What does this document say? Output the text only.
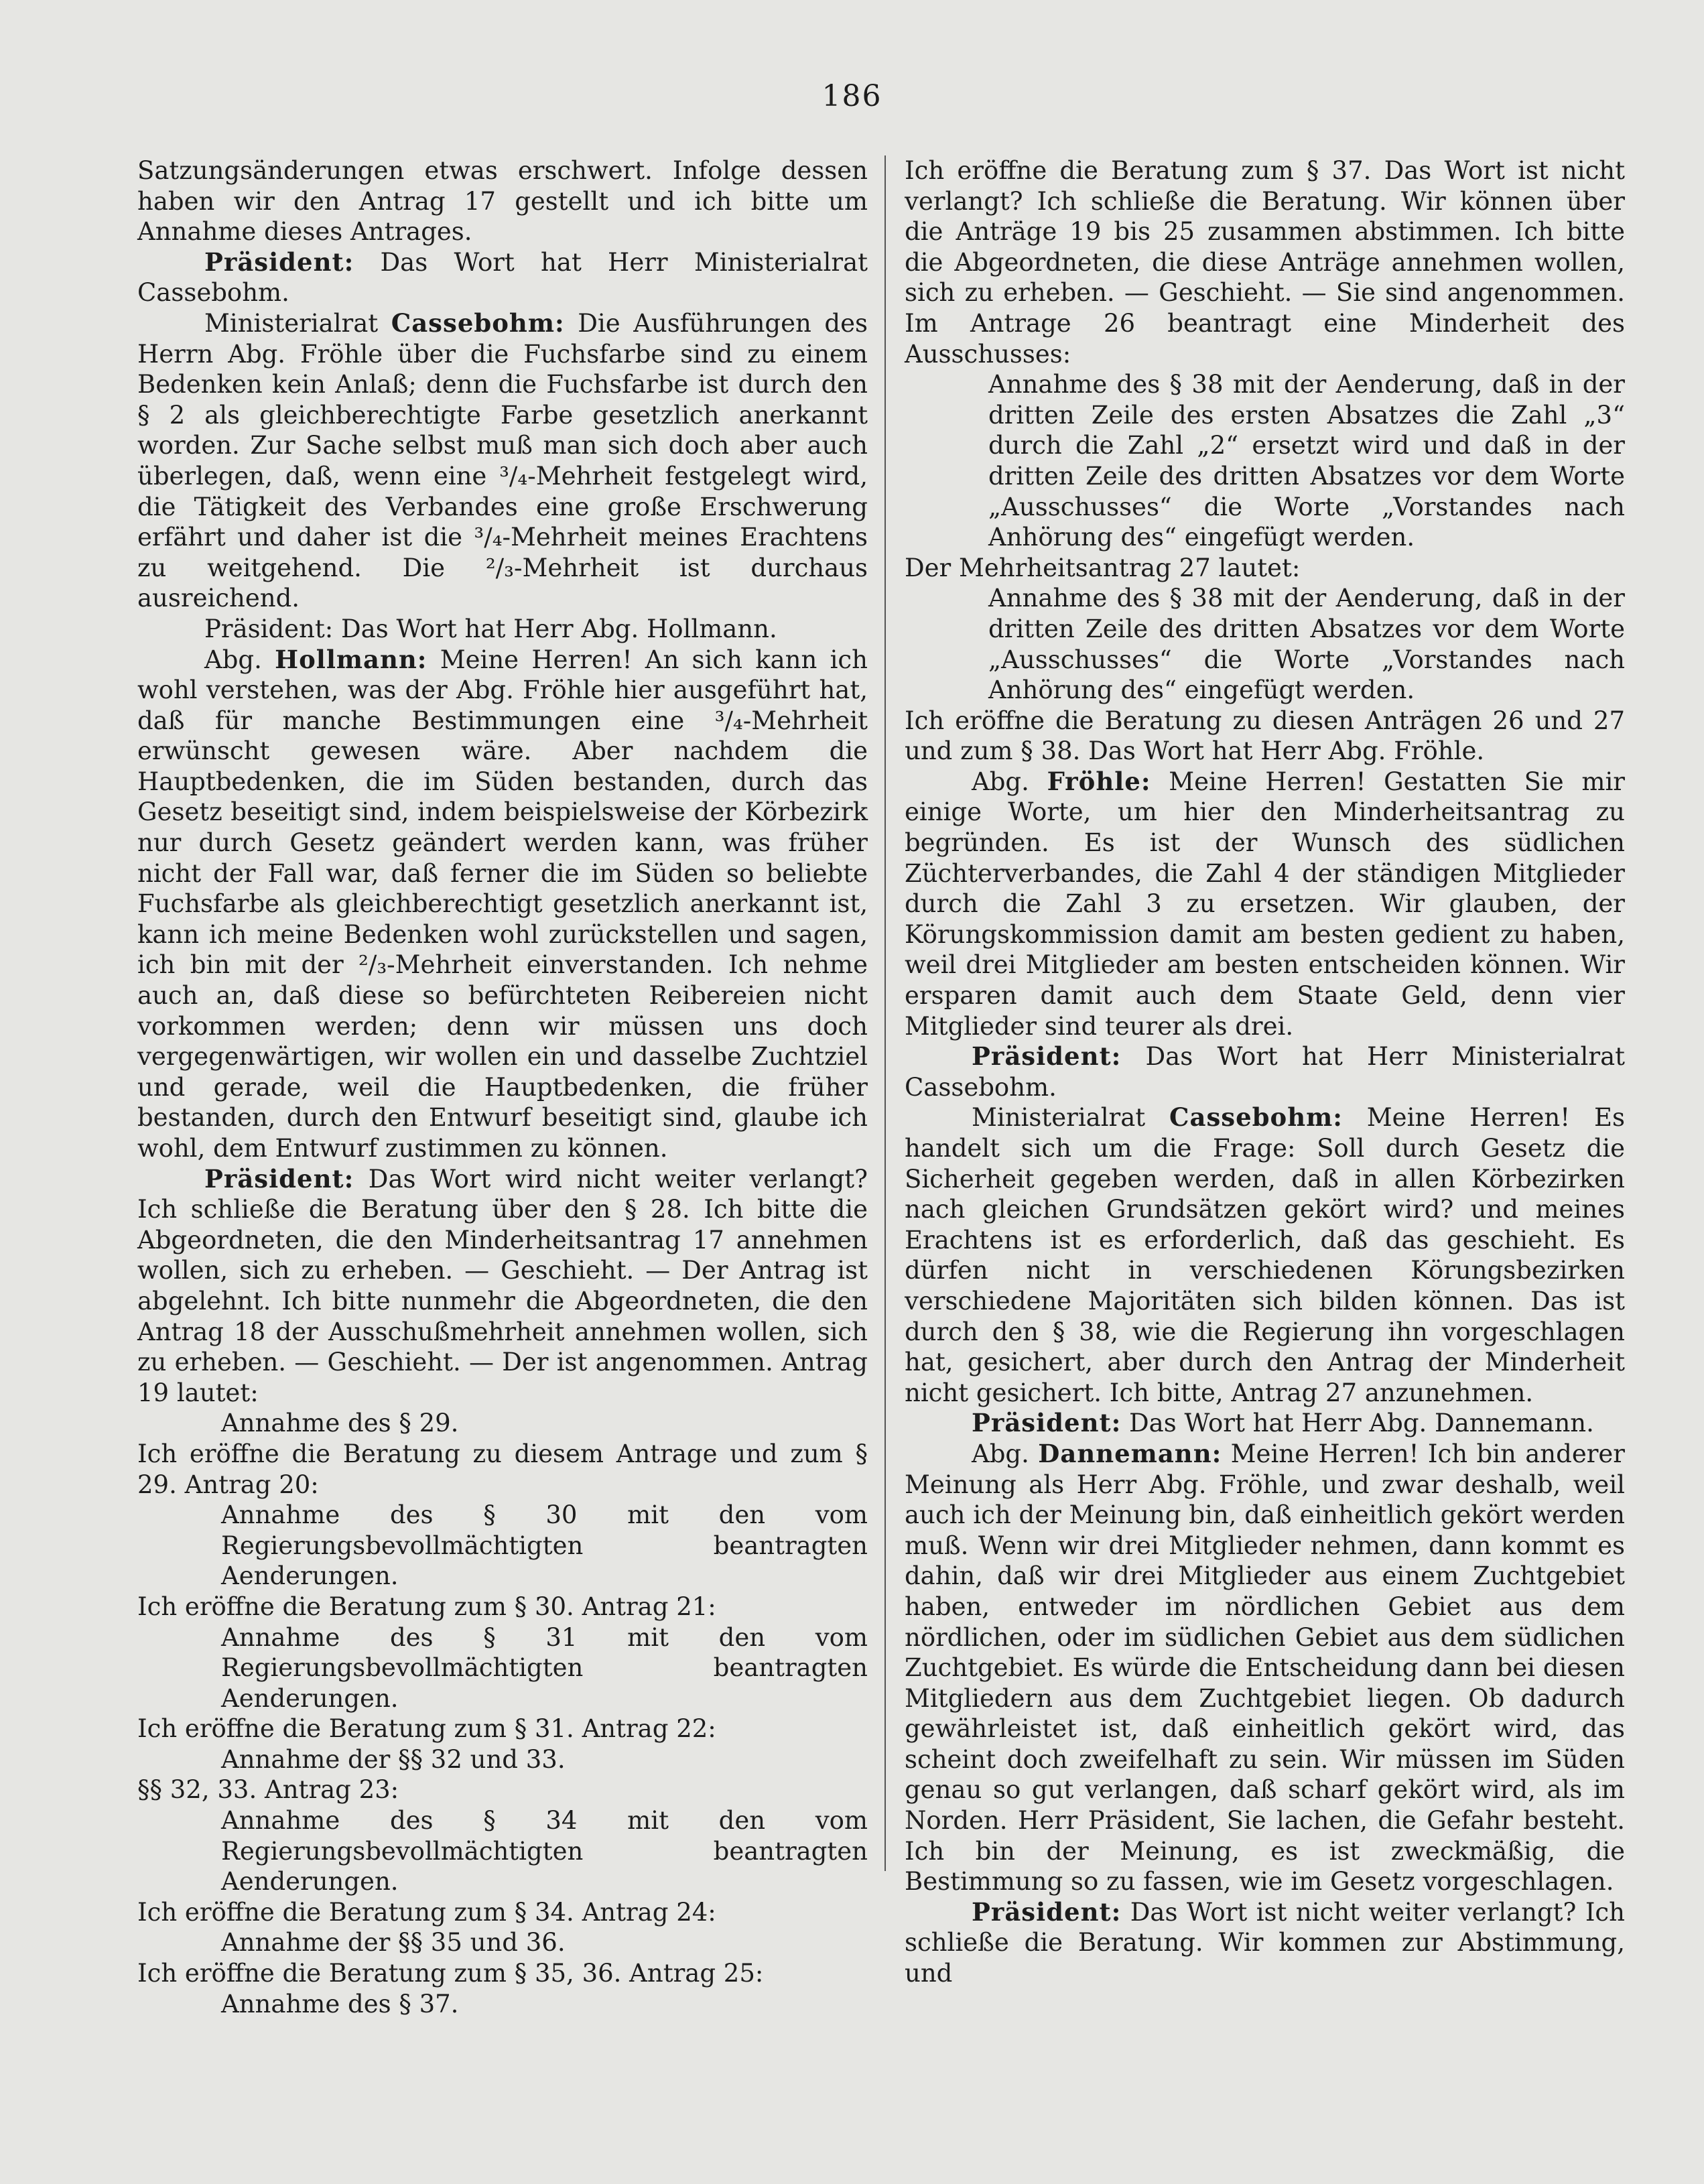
186

Satzungsänderungen etwas erschwert. Infolge dessen haben wir den Antrag 17 gestellt und ich bitte um Annahme dieses Antrages.

Präsident: Das Wort hat Herr Ministerialrat Cassebohm.

Ministerialrat Cassebohm: Die Ausführungen des Herrn Abg. Fröhle über die Fuchsfarbe sind zu einem Bedenken kein Anlaß; denn die Fuchsfarbe ist durch den § 2 als gleichberechtigte Farbe gesetzlich anerkannt worden. Zur Sache selbst muß man sich doch aber auch überlegen, daß, wenn eine ³/₄-Mehrheit festgelegt wird, die Tätigkeit des Verbandes eine große Erschwerung erfährt und daher ist die ³/₄-Mehrheit meines Erachtens zu weitgehend. Die ²/₃-Mehrheit ist durchaus ausreichend.

Präsident: Das Wort hat Herr Abg. Hollmann.

Abg. Hollmann: Meine Herren! An sich kann ich wohl verstehen, was der Abg. Fröhle hier ausgeführt hat, daß für manche Bestimmungen eine ³/₄-Mehrheit erwünscht gewesen wäre. Aber nachdem die Hauptbedenken, die im Süden bestanden, durch das Gesetz beseitigt sind, indem beispielsweise der Körbezirk nur durch Gesetz geändert werden kann, was früher nicht der Fall war, daß ferner die im Süden so beliebte Fuchsfarbe als gleichberechtigt gesetzlich anerkannt ist, kann ich meine Bedenken wohl zurückstellen und sagen, ich bin mit der ²/₃-Mehrheit einverstanden. Ich nehme auch an, daß diese so befürchteten Reibereien nicht vorkommen werden; denn wir müssen uns doch vergegenwärtigen, wir wollen ein und dasselbe Zuchtziel und gerade, weil die Hauptbedenken, die früher bestanden, durch den Entwurf beseitigt sind, glaube ich wohl, dem Entwurf zustimmen zu können.

Präsident: Das Wort wird nicht weiter verlangt? Ich schließe die Beratung über den § 28. Ich bitte die Abgeordneten, die den Minderheitsantrag 17 annehmen wollen, sich zu erheben. — Geschieht. — Der Antrag ist abgelehnt. Ich bitte nunmehr die Abgeordneten, die den Antrag 18 der Ausschußmehrheit annehmen wollen, sich zu erheben. — Geschieht. — Der ist angenommen. Antrag 19 lautet:

Annahme des § 29.

Ich eröffne die Beratung zu diesem Antrage und zum § 29. Antrag 20:

Annahme des § 30 mit den vom Regierungsbevollmächtigten beantragten Aenderungen.

Ich eröffne die Beratung zum § 30. Antrag 21:

Annahme des § 31 mit den vom Regierungsbevollmächtigten beantragten Aenderungen.

Ich eröffne die Beratung zum § 31. Antrag 22:

Annahme der §§ 32 und 33.

§§ 32, 33. Antrag 23:

Annahme des § 34 mit den vom Regierungsbevollmächtigten beantragten Aenderungen.

Ich eröffne die Beratung zum § 34. Antrag 24:

Annahme der §§ 35 und 36.

Ich eröffne die Beratung zum § 35, 36. Antrag 25:

Annahme des § 37.

Ich eröffne die Beratung zum § 37. Das Wort ist nicht verlangt? Ich schließe die Beratung. Wir können über die Anträge 19 bis 25 zusammen abstimmen. Ich bitte die Abgeordneten, die diese Anträge annehmen wollen, sich zu erheben. — Geschieht. — Sie sind angenommen. Im Antrage 26 beantragt eine Minderheit des Ausschusses:

Annahme des § 38 mit der Aenderung, daß in der dritten Zeile des ersten Absatzes die Zahl „3“ durch die Zahl „2“ ersetzt wird und daß in der dritten Zeile des dritten Absatzes vor dem Worte „Ausschusses“ die Worte „Vorstandes nach Anhörung des“ eingefügt werden.

Der Mehrheitsantrag 27 lautet:

Annahme des § 38 mit der Aenderung, daß in der dritten Zeile des dritten Absatzes vor dem Worte „Ausschusses“ die Worte „Vorstandes nach Anhörung des“ eingefügt werden.

Ich eröffne die Beratung zu diesen Anträgen 26 und 27 und zum § 38. Das Wort hat Herr Abg. Fröhle.

Abg. Fröhle: Meine Herren! Gestatten Sie mir einige Worte, um hier den Minderheitsantrag zu begründen. Es ist der Wunsch des südlichen Züchterverbandes, die Zahl 4 der ständigen Mitglieder durch die Zahl 3 zu ersetzen. Wir glauben, der Körungskommission damit am besten gedient zu haben, weil drei Mitglieder am besten entscheiden können. Wir ersparen damit auch dem Staate Geld, denn vier Mitglieder sind teurer als drei.

Präsident: Das Wort hat Herr Ministerialrat Cassebohm.

Ministerialrat Cassebohm: Meine Herren! Es handelt sich um die Frage: Soll durch Gesetz die Sicherheit gegeben werden, daß in allen Körbezirken nach gleichen Grundsätzen gekört wird? und meines Erachtens ist es erforderlich, daß das geschieht. Es dürfen nicht in verschiedenen Körungsbezirken verschiedene Majoritäten sich bilden können. Das ist durch den § 38, wie die Regierung ihn vorgeschlagen hat, gesichert, aber durch den Antrag der Minderheit nicht gesichert. Ich bitte, Antrag 27 anzunehmen.

Präsident: Das Wort hat Herr Abg. Dannemann.

Abg. Dannemann: Meine Herren! Ich bin anderer Meinung als Herr Abg. Fröhle, und zwar deshalb, weil auch ich der Meinung bin, daß einheitlich gekört werden muß. Wenn wir drei Mitglieder nehmen, dann kommt es dahin, daß wir drei Mitglieder aus einem Zuchtgebiet haben, entweder im nördlichen Gebiet aus dem nördlichen, oder im südlichen Gebiet aus dem südlichen Zuchtgebiet. Es würde die Entscheidung dann bei diesen Mitgliedern aus dem Zuchtgebiet liegen. Ob dadurch gewährleistet ist, daß einheitlich gekört wird, das scheint doch zweifelhaft zu sein. Wir müssen im Süden genau so gut verlangen, daß scharf gekört wird, als im Norden. Herr Präsident, Sie lachen, die Gefahr besteht. Ich bin der Meinung, es ist zweckmäßig, die Bestimmung so zu fassen, wie im Gesetz vorgeschlagen.

Präsident: Das Wort ist nicht weiter verlangt? Ich schließe die Beratung. Wir kommen zur Abstimmung, und
